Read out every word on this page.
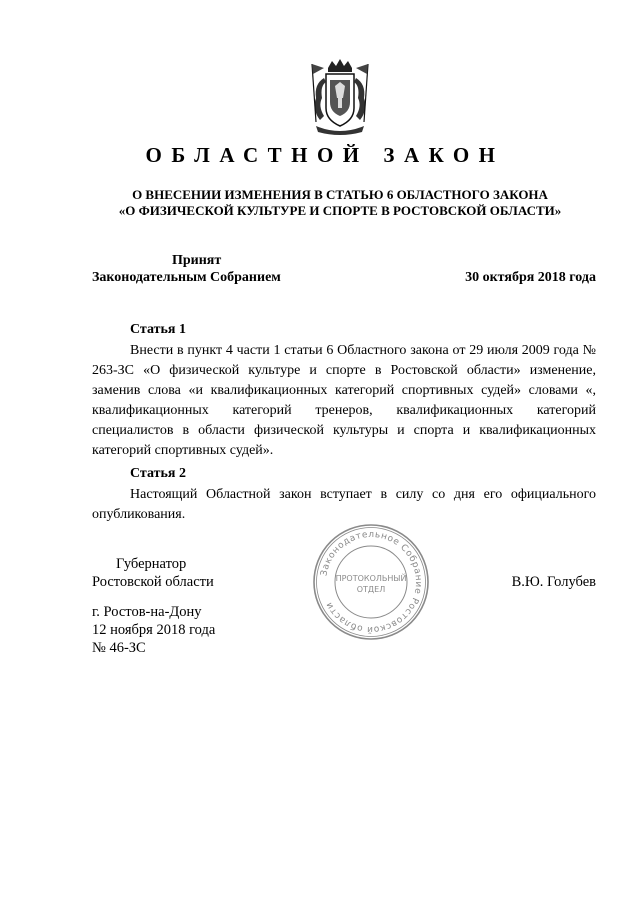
ОБЛАСТНОЙ ЗАКОН
О ВНЕСЕНИИ ИЗМЕНЕНИЯ В СТАТЬЮ 6 ОБЛАСТНОГО ЗАКОНА
«О ФИЗИЧЕСКОЙ КУЛЬТУРЕ И СПОРТЕ В РОСТОВСКОЙ ОБЛАСТИ»
Принят
Законодательным Собранием	30 октября 2018 года
Статья 1

Внести в пункт 4 части 1 статьи 6 Областного закона от 29 июля 2009 года № 263-ЗС «О физической культуре и спорте в Ростовской области» изменение, заменив слова «и квалификационных категорий спортивных судей» словами «, квалификационных категорий тренеров, квалификационных категорий специалистов в области физической культуры и спорта и квалификационных категорий спортивных судей».

Статья 2

Настоящий Областной закон вступает в силу со дня его официального опубликования.

Губернатор
Ростовской области	В.Ю. Голубев
г. Ростов-на-Дону
12 ноября 2018 года
№ 46-ЗС
Законодательное Собрание Ростовской области
ПРОТОКОЛЬНЫЙ
ОТДЕЛ
